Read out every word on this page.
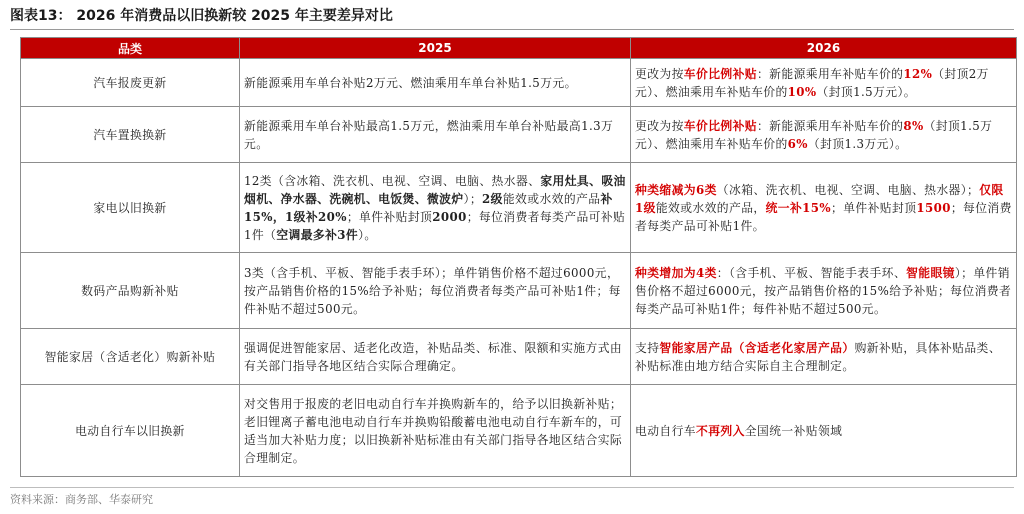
图表13： 2026 年消费品以旧换新较 2025 年主要差异对比
品类	2025	2026
汽车报废更新	新能源乘用车单台补贴2万元、燃油乘用车单台补贴1.5万元。	更改为按车价比例补贴：新能源乘用车补贴车价的12%（封顶2万元）、燃油乘用车补贴车价的10%（封顶1.5万元）。
汽车置换换新	新能源乘用车单台补贴最高1.5万元，燃油乘用车单台补贴最高1.3万元。	更改为按车价比例补贴：新能源乘用车补贴车价的8%（封顶1.5万元）、燃油乘用车补贴车价的6%（封顶1.3万元）。
家电以旧换新	12类（含冰箱、洗衣机、电视、空调、电脑、热水器、家用灶具、吸油烟机、净水器、洗碗机、电饭煲、微波炉）；2级能效或水效的产品补15%，1级补20%；单件补贴封顶2000；每位消费者每类产品可补贴1件（空调最多补3件）。	种类缩减为6类（冰箱、洗衣机、电视、空调、电脑、热水器）；仅限1级能效或水效的产品，统一补15%；单件补贴封顶1500；每位消费者每类产品可补贴1件。
数码产品购新补贴	3类（含手机、平板、智能手表手环）；单件销售价格不超过6000元，按产品销售价格的15%给予补贴；每位消费者每类产品可补贴1件；每件补贴不超过500元。	种类增加为4类：（含手机、平板、智能手表手环、智能眼镜）；单件销售价格不超过6000元，按产品销售价格的15%给予补贴；每位消费者每类产品可补贴1件；每件补贴不超过500元。
智能家居（含适老化）购新补贴	强调促进智能家居、适老化改造，补贴品类、标准、限额和实施方式由有关部门指导各地区结合实际合理确定。	支持智能家居产品（含适老化家居产品）购新补贴，具体补贴品类、补贴标准由地方结合实际自主合理制定。
电动自行车以旧换新	对交售用于报废的老旧电动自行车并换购新车的，给予以旧换新补贴；老旧锂离子蓄电池电动自行车并换购铅酸蓄电池电动自行车新车的，可适当加大补贴力度；以旧换新补贴标准由有关部门指导各地区结合实际合理制定。	电动自行车不再列入全国统一补贴领域
资料来源：商务部、华泰研究
